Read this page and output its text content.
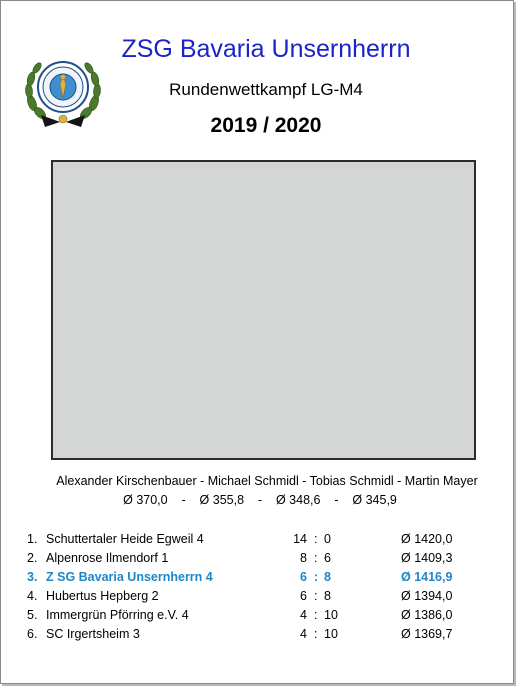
ZSG Bavaria Unsernherrn
Rundenwettkampf LG-M4
2019 / 2020
Alexander Kirschenbauer - Michael Schmidl - Tobias Schmidl - Martin Mayer
Ø 370,0    -    Ø 355,8    -    Ø 348,6    -    Ø 345,9
1. Schuttertaler Heide Egweil 4	14 : 0	Ø 1420,0
2. Alpenrose Ilmendorf 1	8 : 6	Ø 1409,3
3. Z SG Bavaria Unsernherrn 4	6 : 8	Ø 1416,9
4. Hubertus Hepberg 2	6 : 8	Ø 1394,0
5. Immergrün Pförring e.V. 4	4 : 10	Ø 1386,0
6. SC Irgertsheim 3	4 : 10	Ø 1369,7
